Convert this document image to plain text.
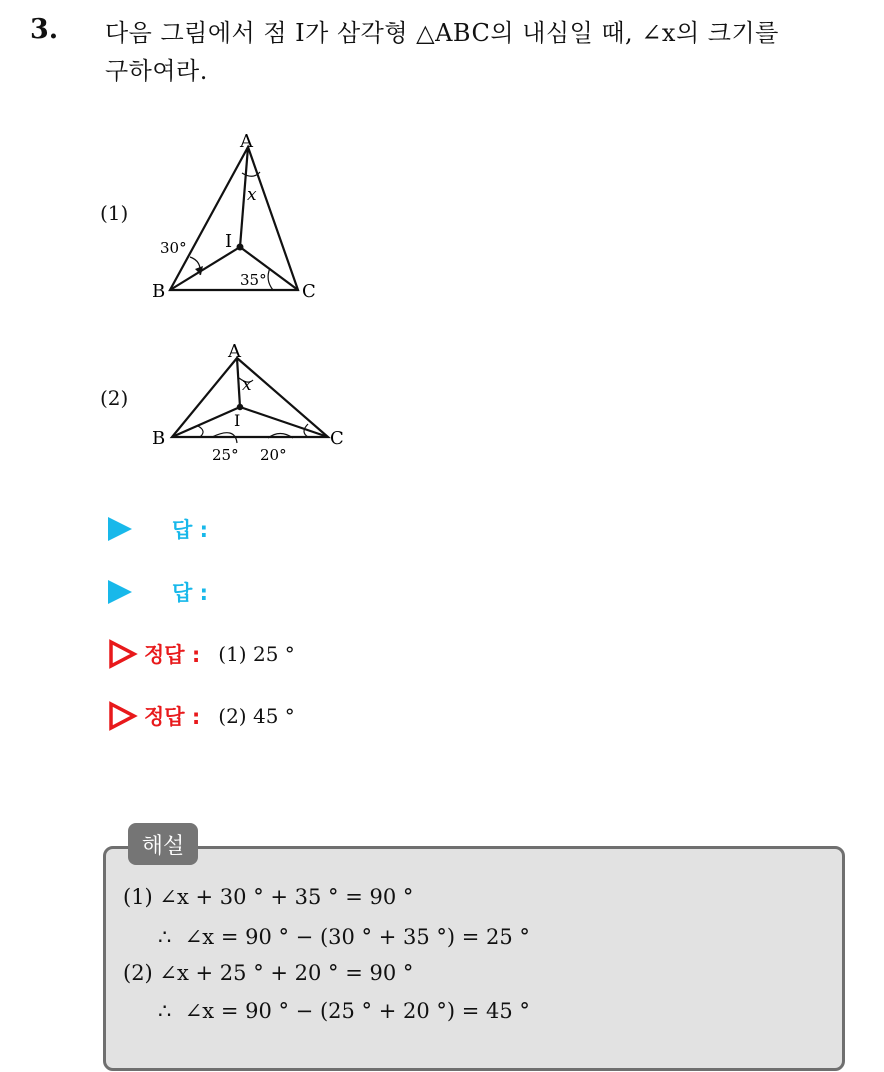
3. 다음 그림에서 점 I가 삼각형 △ABC의 내심일 때, ∠x의 크기를
구하여라.
(1)
A
B	C
I
x
30°
35°
(2)
A
B	C
I
x
25° 20°
답 :
답 :
정답 : (1) 25 °
정답 : (2) 45 °
해설
(1) ∠x + 30 ° + 35 ° = 90 °
∴  ∠x = 90 ° − (30 ° + 35 °) = 25 °
(2) ∠x + 25 ° + 20 ° = 90 °
∴  ∠x = 90 ° − (25 ° + 20 °) = 45 °
